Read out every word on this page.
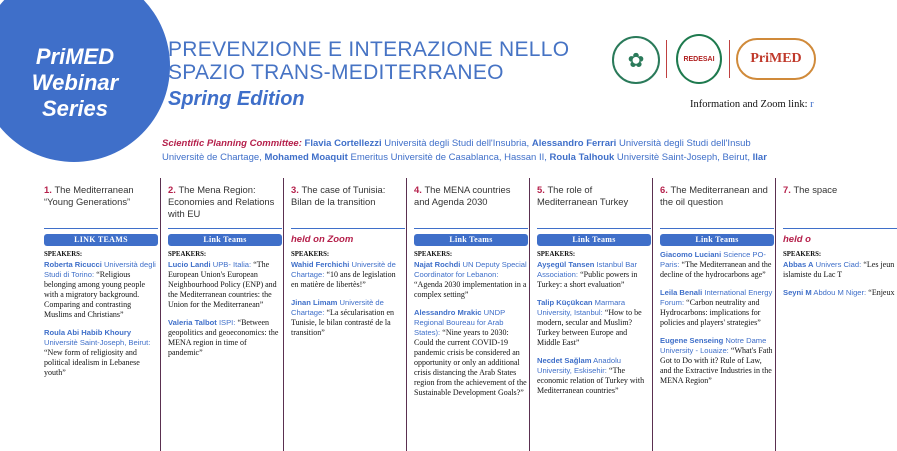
PriMED
Webinar
Series
PREVENZIONE E INTERAZIONE NELLO
SPAZIO TRANS-MEDITERRANEO
Spring Edition
✿	REDESAI	PriMED
Information and Zoom link: r
Scientific Planning Committee: Flavia Cortellezzi Università degli Studi dell'Insubria, Alessandro Ferrari Università degli Studi dell'Insub
Universitè de Chartage, Mohamed Moaquit Emeritus Universitè de Casablanca, Hassan II, Roula Talhouk Universitè Saint-Joseph, Beirut, Ilar
1. The Mediterranean “Young Generations”
LINK TEAMS
SPEAKERS:
Roberta Ricucci Università degli Studi di Torino: “Religious belonging among young people with a migratory background. Comparing and contrasting Muslims and Christians”
Roula Abi Habib Khoury Universitè Saint-Joseph, Beirut: “New form of religiosity and political idealism in Lebanese youth”
2. The Mena Region: Economies and Relations with EU
Link Teams
SPEAKERS:
Lucio Landi UPB- Italia: “The European Union's European Neighbourhood Policy (ENP) and the Mediterranean countries: the Union for the Mediterranean”
Valeria Talbot ISPI: “Between geopolitics and geoeconomics: the MENA region in time of pandemic”
3. The case of Tunisia: Bilan de la transition
held on Zoom
SPEAKERS:
Wahid Ferchichi Universitè de Chartage: “10 ans de legislation en matière de libertès!”
Jinan Limam Universitè de Chartage: “La sécularisation en Tunisie, le bilan contrasté de la transition”
4. The MENA countries and Agenda 2030
Link Teams
SPEAKERS:
Najat Rochdi UN Deputy Special Coordinator for Lebanon: “Agenda 2030 implementation in a complex setting”
Alessandro Mrakic UNDP Regional Boureau for Arab States): “Nine years to 2030: Could the current COVID-19 pandemic crisis be considered an opportunity or only an additional crisis distancing the Arab States region from the achievement of the Sustainable Development Goals?”
5. The role of Mediterranean Turkey
Link Teams
SPEAKERS:
Ayşegül Tansen Istanbul Bar Association: “Public powers in Turkey: a short evaluation”
Talip Küçükcan Marmara University, Istanbul: “How to be modern, secular and Muslim? Turkey between Europe and Middle East”
Necdet Sağlam Anadolu University, Eskisehir: “The economic relation of Turkey with Mediterranean countries”
6. The Mediterranean and the oil question
Link Teams
Giacomo Luciani Science PO-Paris: “The Mediterranean and the decline of the hydrocarbons age”
Leila Benali International Energy Forum: “Carbon neutrality and Hydrocarbons: implications for policies and players' strategies”
Eugene Senseing Notre Dame University - Louaize: “What's Fath Got to Do with it? Rule of Law, and the Extractive Industries in the MENA Region”
7. The space
held o
SPEAKERS:
Abbas A Univers Ciad: “Les jeun islamiste du Lac T
Seyni M Abdou M Niger: “Enjeux
